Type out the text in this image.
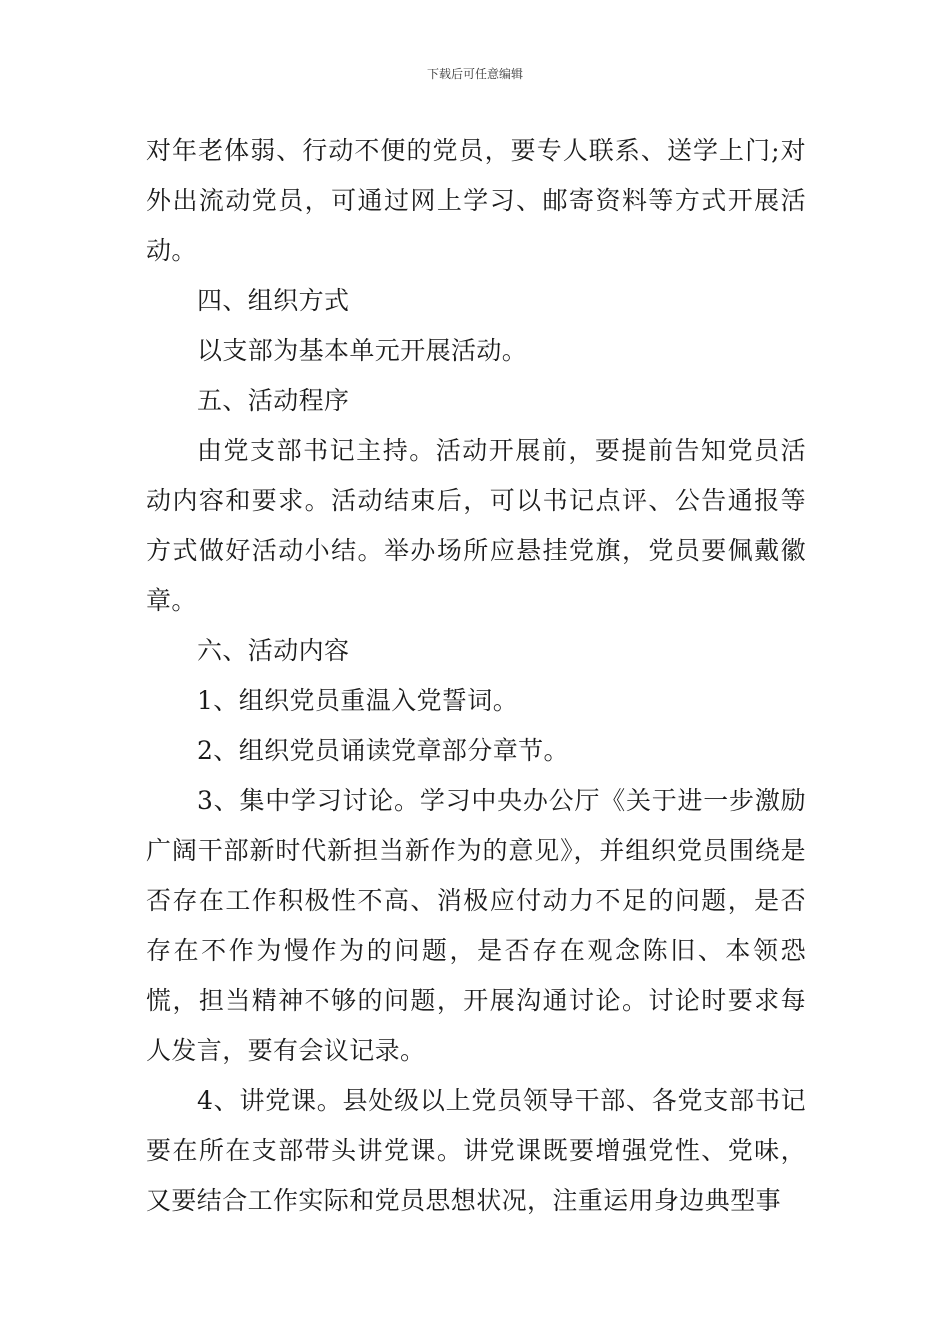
下载后可任意编辑

对年老体弱、行动不便的党员，要专人联系、送学上门;对外出流动党员，可通过网上学习、邮寄资料等方式开展活动。

四、组织方式

以支部为基本单元开展活动。

五、活动程序

由党支部书记主持。活动开展前，要提前告知党员活动内容和要求。活动结束后，可以书记点评、公告通报等方式做好活动小结。举办场所应悬挂党旗，党员要佩戴徽章。

六、活动内容

1、组织党员重温入党誓词。

2、组织党员诵读党章部分章节。

3、集中学习讨论。学习中央办公厅《关于进一步激励广阔干部新时代新担当新作为的意见》，并组织党员围绕是否存在工作积极性不高、消极应付动力不足的问题，是否存在不作为慢作为的问题，是否存在观念陈旧、本领恐慌，担当精神不够的问题，开展沟通讨论。讨论时要求每人发言，要有会议记录。

4、讲党课。县处级以上党员领导干部、各党支部书记要在所在支部带头讲党课。讲党课既要增强党性、党味，又要结合工作实际和党员思想状况，注重运用身边典型事
